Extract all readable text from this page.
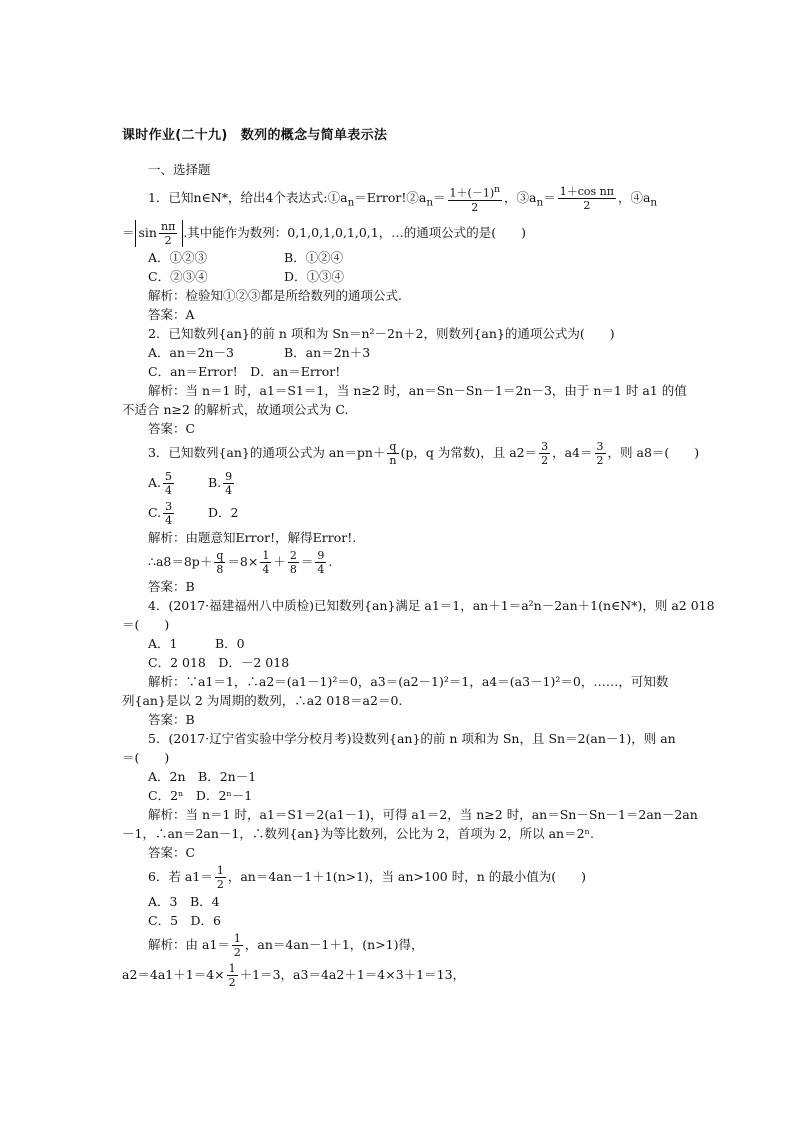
课时作业(二十九)　数列的概念与简单表示法
一、选择题
1．已知n∈N*，给出4个表达式$:①a_n=Error!②a_n= \frac{1+(-1)^n}{2}$ ，$③a_n= \frac{\text{1＋cos nπ}}{2}$ ，$④a_n$
＝ $\sin \frac{n\pi}{2}$ .其中能作为数列：0,1,0,1,0,1,0,1，…的通项公式的是(　　)
A．①②③	B．①②④
C．②③④	D．①③④
解析：检验知①②③都是所给数列的通项公式.
答案：A
2．已知数列{an}的前 n 项和为 Sn＝n²－2n＋2，则数列{an}的通项公式为(　　)
A．an＝2n－3	B．an＝2n＋3
C．an＝Error!　D．an＝Error!
解析：当 n＝1 时，a1＝S1＝1，当 n≥2 时，an＝Sn－Sn－1＝2n－3，由于 n＝1 时 a1 的值
不适合 n≥2 的解析式，故通项公式为 C.
答案：C
3．已知数列{an}的通项公式为 $an=pn+ \frac{q}{n} (p$，q 为常数)，且 $a2= \frac{3}{2}$ ，$a4= \frac{3}{2}$ ，则 a8＝(　　)
A. $\frac{5}{4}$	B. $\frac{9}{4}$
C. $\frac{3}{4}$	D．2
解析：由题意知Error!，解得Error!.
∴a8＝8p＋ $\frac{q}{8} =8\times \frac{1}{4} + \frac{2}{8} = \frac{9}{4}$ .
答案：B
4．(2017·福建福州八中质检)已知数列{an}满足 a1＝1，an＋1＝a²n－2an＋1(n∈N*)，则 a2 018
＝(　　)
A．1　　　B．0
C．2 018　D．－2 018
解析：∵a1＝1，∴a2＝(a1－1)²＝0，a3＝(a2－1)²＝1，a4＝(a3－1)²＝0，……，可知数
列{an}是以 2 为周期的数列，∴a2 018＝a2＝0.
答案：B
5．(2017·辽宁省实验中学分校月考)设数列{an}的前 n 项和为 Sn，且 Sn＝2(an－1)，则 an
＝(　　)
A．2n　B．2n－1
C．2ⁿ　D．2ⁿ－1
解析：当 n＝1 时，a1＝S1＝2(a1－1)，可得 a1＝2，当 n≥2 时，an＝Sn－Sn－1＝2an－2an
－1，∴an＝2an－1，∴数列{an}为等比数列，公比为 2，首项为 2，所以 an＝2ⁿ.
答案：C
6．若 $a1= \frac{1}{2}$ ，an＝4an－1＋1(n>1)，当 an>100 时，n 的最小值为(　　)
A．3　B．4
C．5　D．6
解析：由 $a1= \frac{1}{2}$ ，an＝4an－1＋1，(n>1)得，
$a2=4a1+1=4\times \frac{1}{2} +1=3$，a3＝4a2＋1＝4×3＋1＝13，
